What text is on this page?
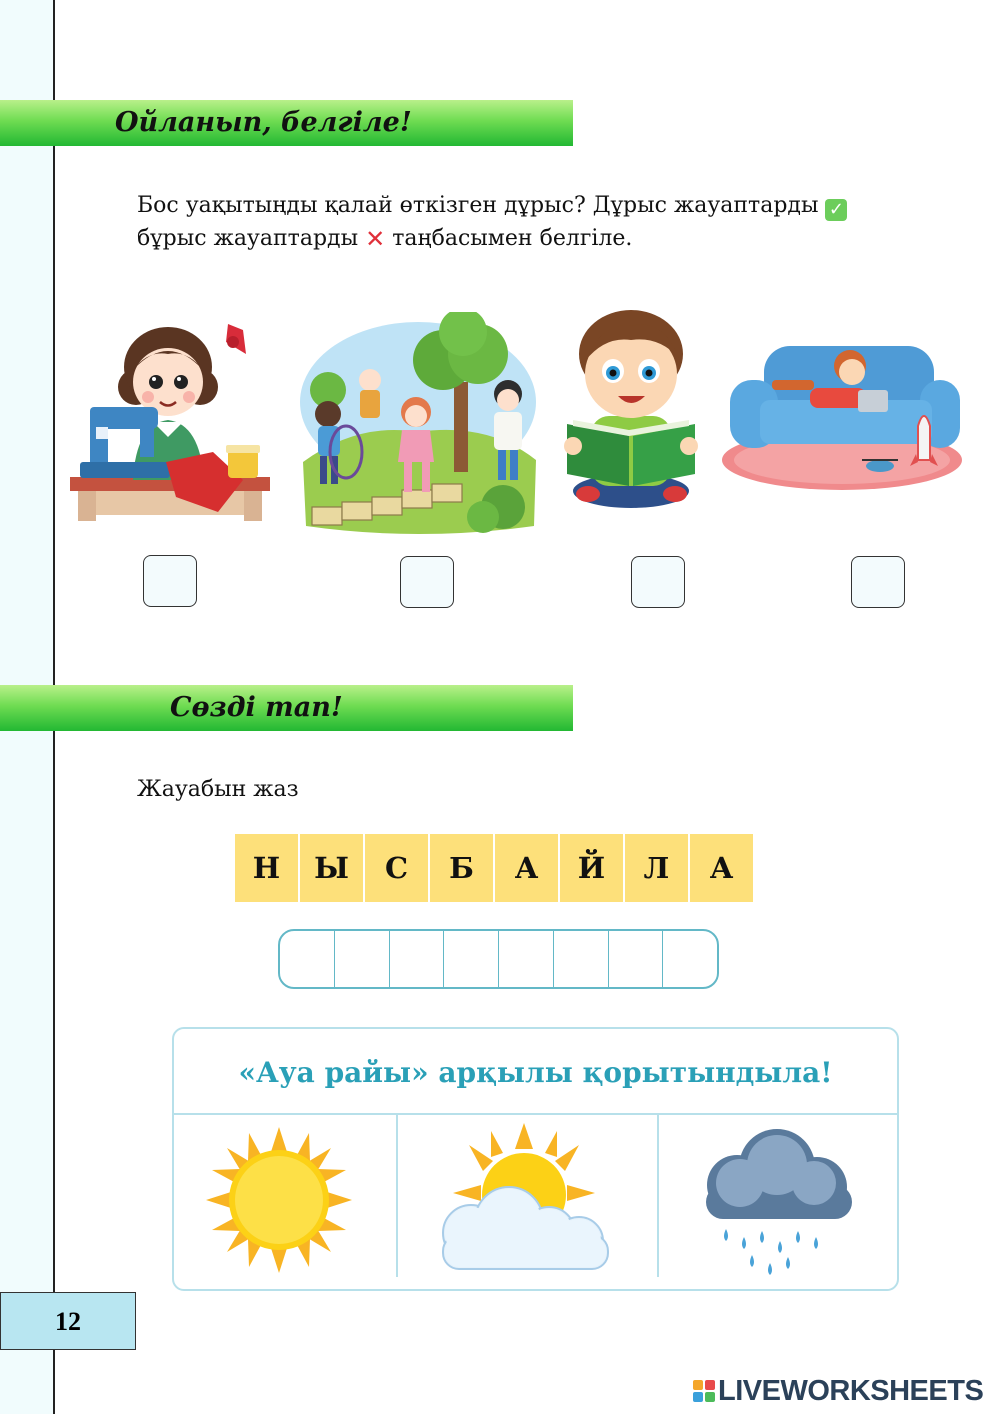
Ойланып, белгіле!
Бос уақытыңды қалай өткізген дұрыс? Дұрыс жауаптарды ✓
бұрыс жауаптарды ✕ таңбасымен белгіле.
Сөзді тап!
Жауабын жаз
Н	Ы	С	Б	А	Й	Л	А
«Ауа райы» арқылы қорытындыла!
12
LIVEWORKSHEETS
